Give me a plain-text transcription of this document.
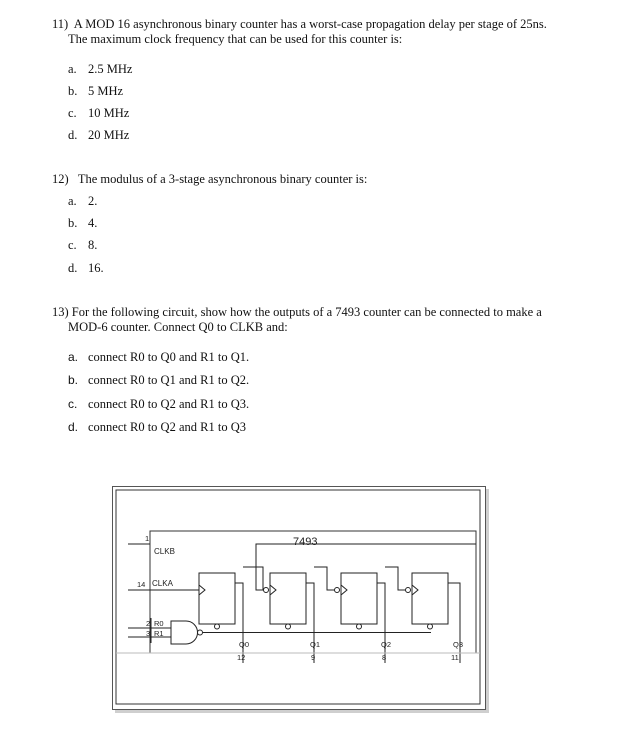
11) A MOD 16 asynchronous binary counter has a worst-case propagation delay per stage of 25ns.

The maximum clock frequency that can be used for this counter is:

a. 2.5 MHz
b. 5 MHz
c. 10 MHz
d. 20 MHz

12) The modulus of a 3-stage asynchronous binary counter is:

a. 2.
b. 4.
c. 8.
d. 16.

13) For the following circuit, show how the outputs of a 7493 counter can be connected to make a

MOD-6 counter. Connect Q0 to CLKB and:

a. connect R0 to Q0 and R1 to Q1.
b. connect R0 to Q1 and R1 to Q2.
c. connect R0 to Q2 and R1 to Q3.
d. connect R0 to Q2 and R1 to Q3
7493
1
CLKB
14 CLKA
2 R0
3 R1
Q0
12
Q1
9
Q2
8
Q3
11
